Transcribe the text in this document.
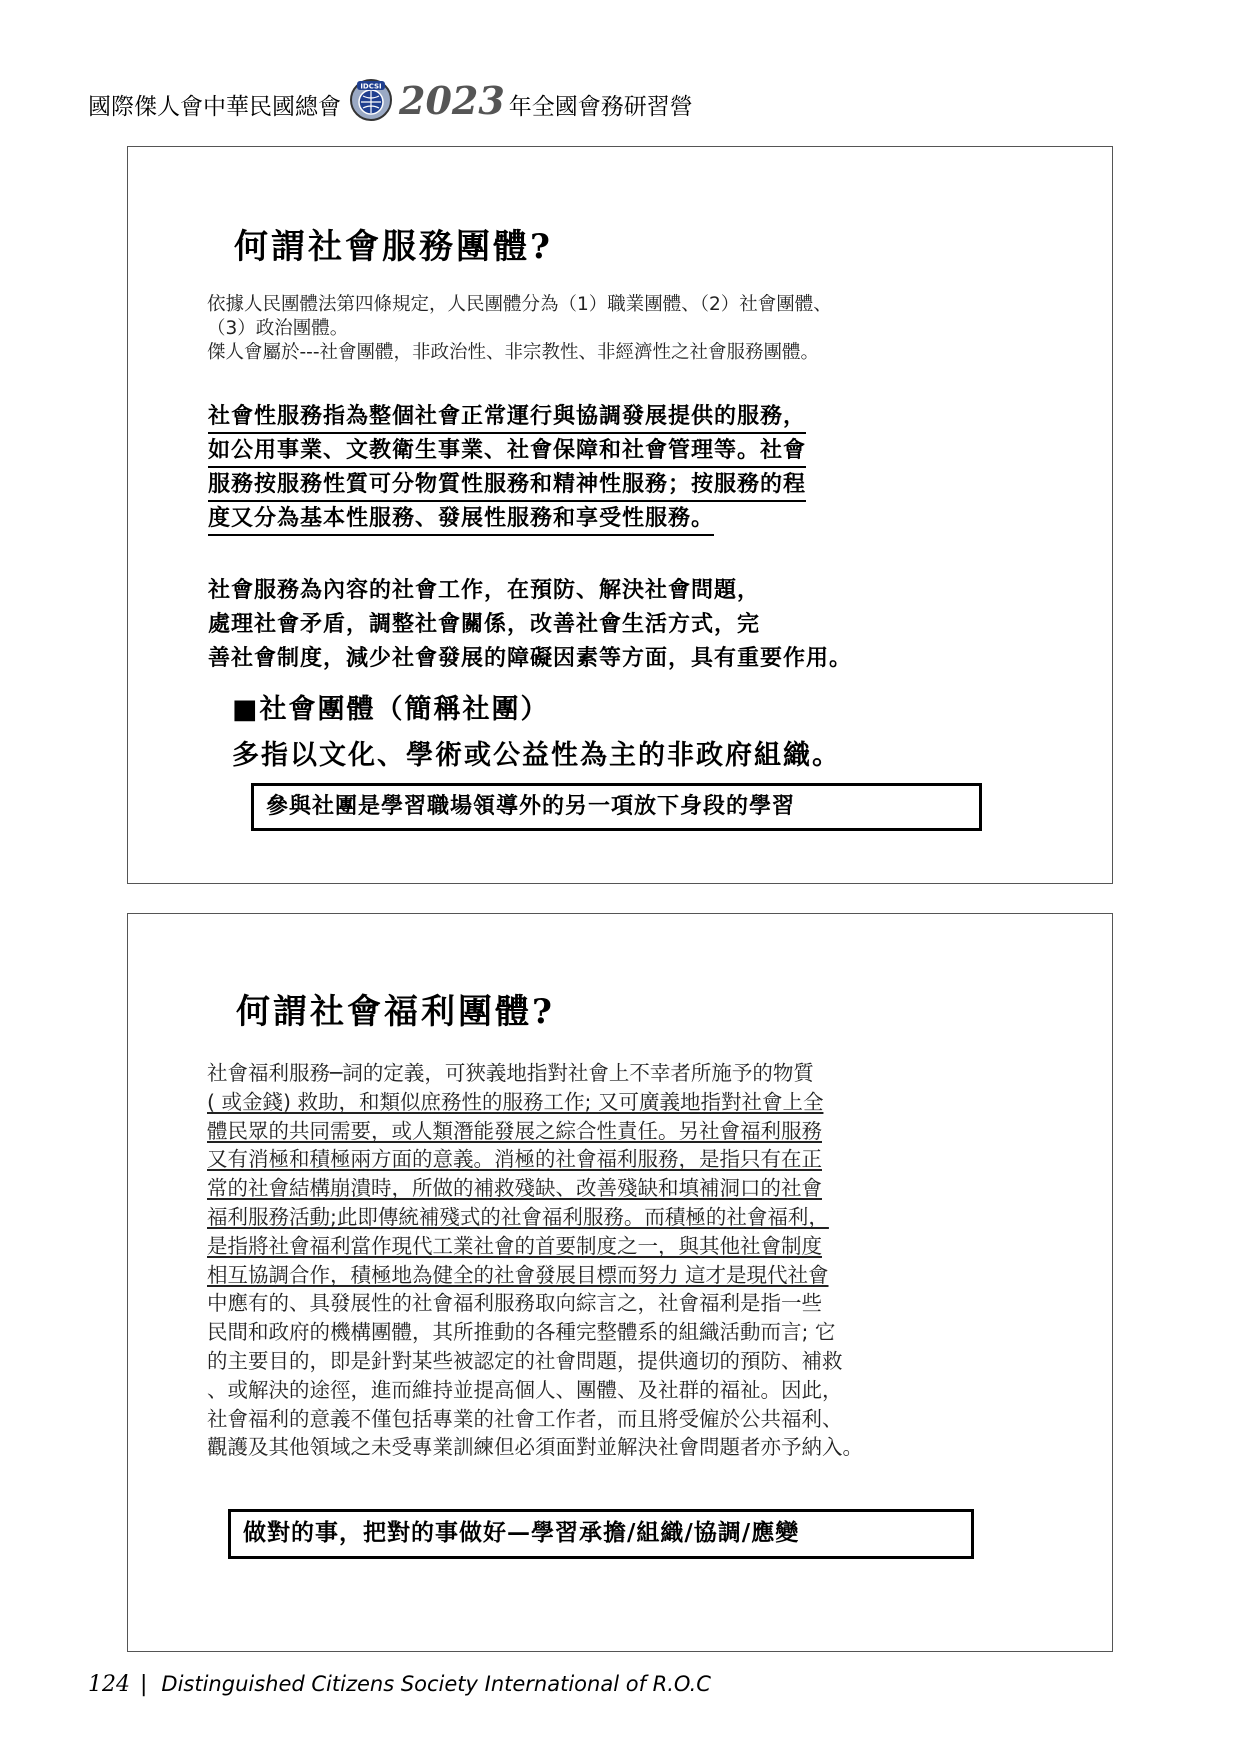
國際傑人會中華民國總會
IDCSI 2023 年全國會務研習營
何謂社會服務團體?
依據人民團體法第四條規定，人民團體分為（1）職業團體、（2）社會團體、
（3）政治團體。
傑人會屬於---社會團體，非政治性、非宗教性、非經濟性之社會服務團體。
社會性服務指為整個社會正常運行與協調發展提供的服務，
如公用事業、文教衛生事業、社會保障和社會管理等。社會
服務按服務性質可分物質性服務和精神性服務；按服務的程
度又分為基本性服務、發展性服務和享受性服務。
社會服務為內容的社會工作，在預防、解決社會問題，
處理社會矛盾，調整社會關係，改善社會生活方式，完
善社會制度，減少社會發展的障礙因素等方面，具有重要作用。
■社會團體（簡稱社團）
多指以文化、學術或公益性為主的非政府組織。
參與社團是學習職場領導外的另一項放下身段的學習
何謂社會福利團體?
社會福利服務─詞的定義，可狹義地指對社會上不幸者所施予的物質
( 或金錢) 救助，和類似庶務性的服務工作; 又可廣義地指對社會上全
體民眾的共同需要，或人類潛能發展之綜合性責任。另社會福利服務
又有消極和積極兩方面的意義。消極的社會福利服務，是指只有在正
常的社會結構崩潰時，所做的補救殘缺、改善殘缺和填補洞口的社會
福利服務活動;此即傳統補殘式的社會福利服務。而積極的社會福利，
是指將社會福利當作現代工業社會的首要制度之一，與其他社會制度
相互協調合作，積極地為健全的社會發展目標而努力 這才是現代社會
中應有的、具發展性的社會福利服務取向綜言之，社會福利是指一些
民間和政府的機構團體，其所推動的各種完整體系的組織活動而言; 它
的主要目的，即是針對某些被認定的社會問題，提供適切的預防、補救
、或解決的途徑，進而維持並提高個人、團體、及社群的福祉。因此，
社會福利的意義不僅包括專業的社會工作者，而且將受僱於公共福利、
觀護及其他領域之未受專業訓練但必須面對並解決社會問題者亦予納入。
做對的事，把對的事做好—學習承擔/組織/協調/應變
124 | Distinguished Citizens Society International of R.O.C
